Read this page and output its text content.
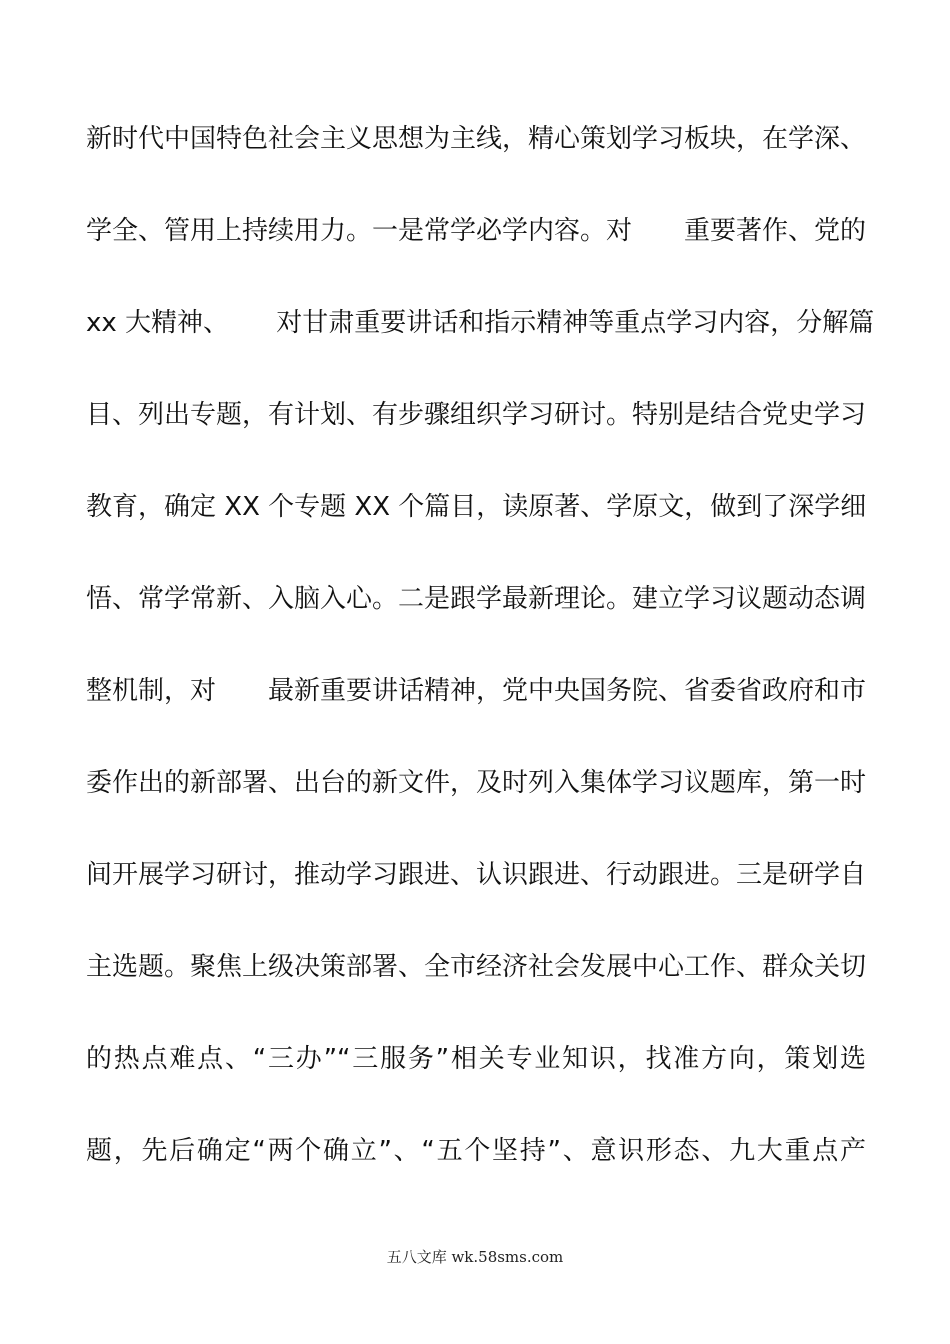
新时代中国特色社会主义思想为主线，精心策划学习板块，在学深、
学全、管用上持续用力。一是常学必学内容。对　　重要著作、党的
xx 大精神、　　 对甘肃重要讲话和指示精神等重点学习内容，分解篇
目、列出专题，有计划、有步骤组织学习研讨。特别是结合党史学习
教育，确定 XX 个专题 XX 个篇目，读原著、学原文，做到了深学细
悟、常学常新、入脑入心。二是跟学最新理论。建立学习议题动态调
整机制，对　　最新重要讲话精神，党中央国务院、省委省政府和市
委作出的新部署、出台的新文件，及时列入集体学习议题库，第一时
间开展学习研讨，推动学习跟进、认识跟进、行动跟进。三是研学自
主选题。聚焦上级决策部署、全市经济社会发展中心工作、群众关切
的热点难点、“三办”“三服务”相关专业知识，找准方向，策划选
题，先后确定“两个确立”、“五个坚持”、意识形态、九大重点产
五八文库 wk.58sms.com
